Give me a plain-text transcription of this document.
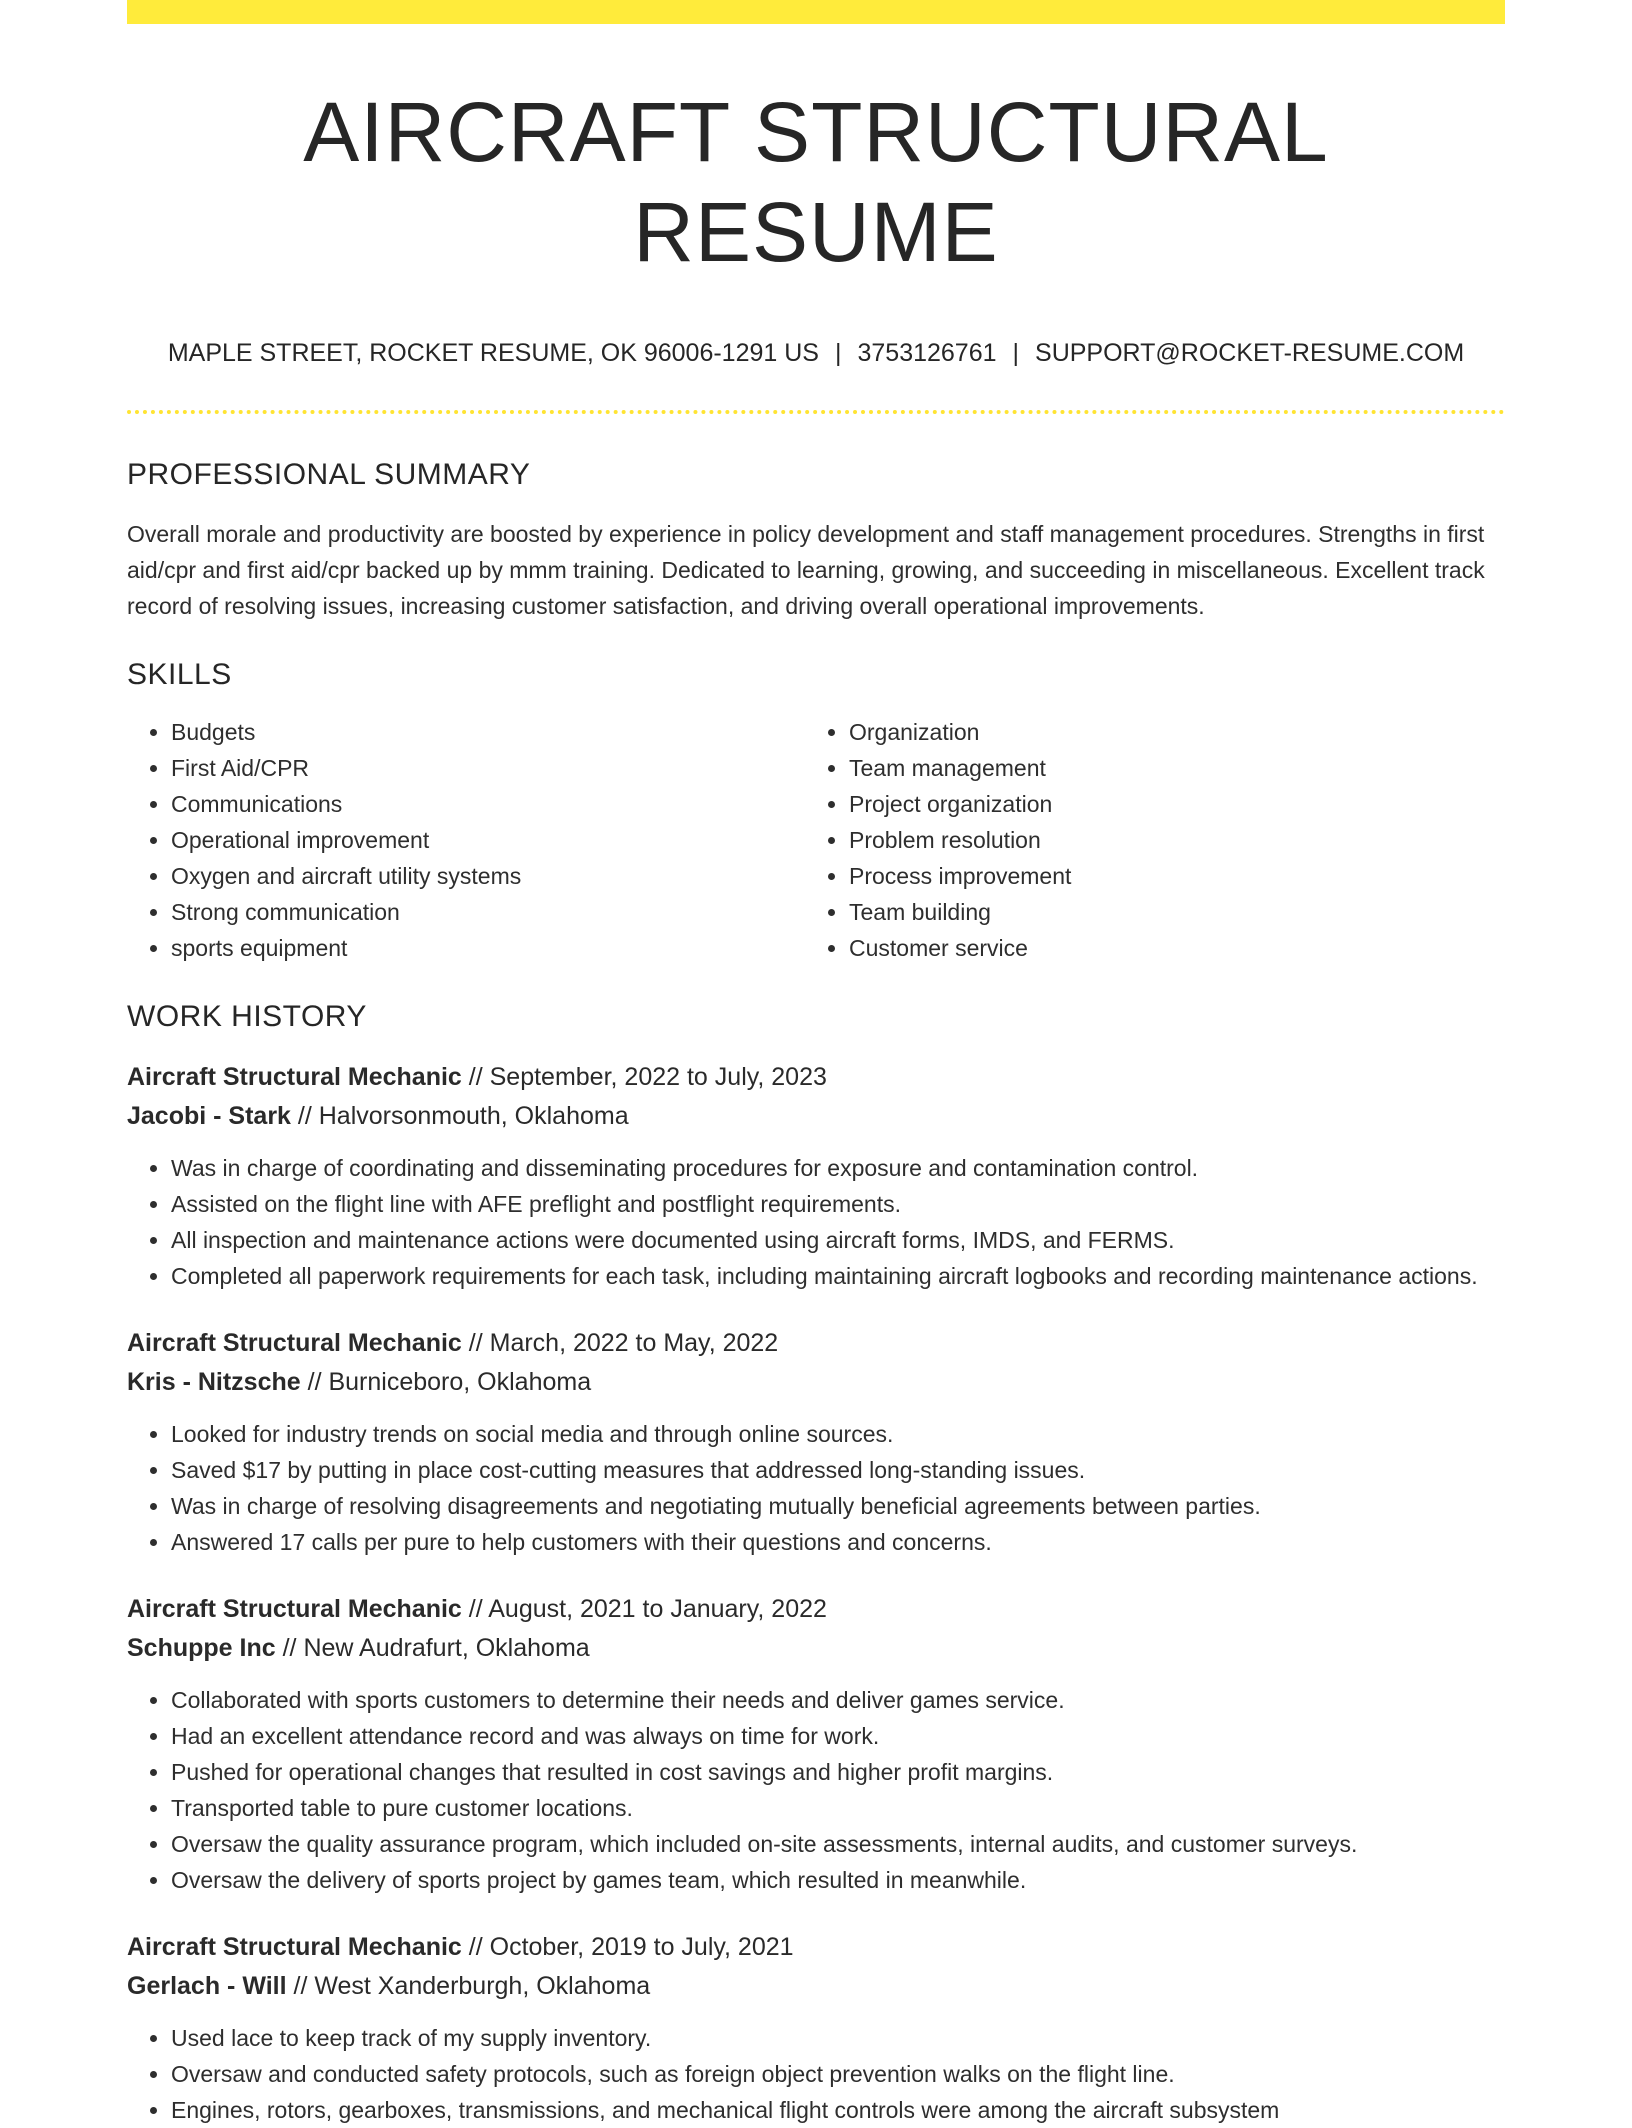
AIRCRAFT STRUCTURAL RESUME
MAPLE STREET, ROCKET RESUME, OK 96006-1291 US | 3753126761 | SUPPORT@ROCKET-RESUME.COM
PROFESSIONAL SUMMARY

Overall morale and productivity are boosted by experience in policy development and staff management procedures. Strengths in first aid/cpr and first aid/cpr backed up by mmm training. Dedicated to learning, growing, and succeeding in miscellaneous. Excellent track record of resolving issues, increasing customer satisfaction, and driving overall operational improvements.

SKILLS
• Budgets
• First Aid/CPR
• Communications
• Operational improvement
• Oxygen and aircraft utility systems
• Strong communication
• sports equipment
• Organization
• Team management
• Project organization
• Problem resolution
• Process improvement
• Team building
• Customer service
WORK HISTORY
Aircraft Structural Mechanic // September, 2022 to July, 2023
Jacobi - Stark // Halvorsonmouth, Oklahoma
• Was in charge of coordinating and disseminating procedures for exposure and contamination control.
• Assisted on the flight line with AFE preflight and postflight requirements.
• All inspection and maintenance actions were documented using aircraft forms, IMDS, and FERMS.
• Completed all paperwork requirements for each task, including maintaining aircraft logbooks and recording maintenance actions.
Aircraft Structural Mechanic // March, 2022 to May, 2022
Kris - Nitzsche // Burniceboro, Oklahoma
• Looked for industry trends on social media and through online sources.
• Saved $17 by putting in place cost-cutting measures that addressed long-standing issues.
• Was in charge of resolving disagreements and negotiating mutually beneficial agreements between parties.
• Answered 17 calls per pure to help customers with their questions and concerns.
Aircraft Structural Mechanic // August, 2021 to January, 2022
Schuppe Inc // New Audrafurt, Oklahoma
• Collaborated with sports customers to determine their needs and deliver games service.
• Had an excellent attendance record and was always on time for work.
• Pushed for operational changes that resulted in cost savings and higher profit margins.
• Transported table to pure customer locations.
• Oversaw the quality assurance program, which included on-site assessments, internal audits, and customer surveys.
• Oversaw the delivery of sports project by games team, which resulted in meanwhile.
Aircraft Structural Mechanic // October, 2019 to July, 2021
Gerlach - Will // West Xanderburgh, Oklahoma
• Used lace to keep track of my supply inventory.
• Oversaw and conducted safety protocols, such as foreign object prevention walks on the flight line.
• Engines, rotors, gearboxes, transmissions, and mechanical flight controls were among the aircraft subsystem
